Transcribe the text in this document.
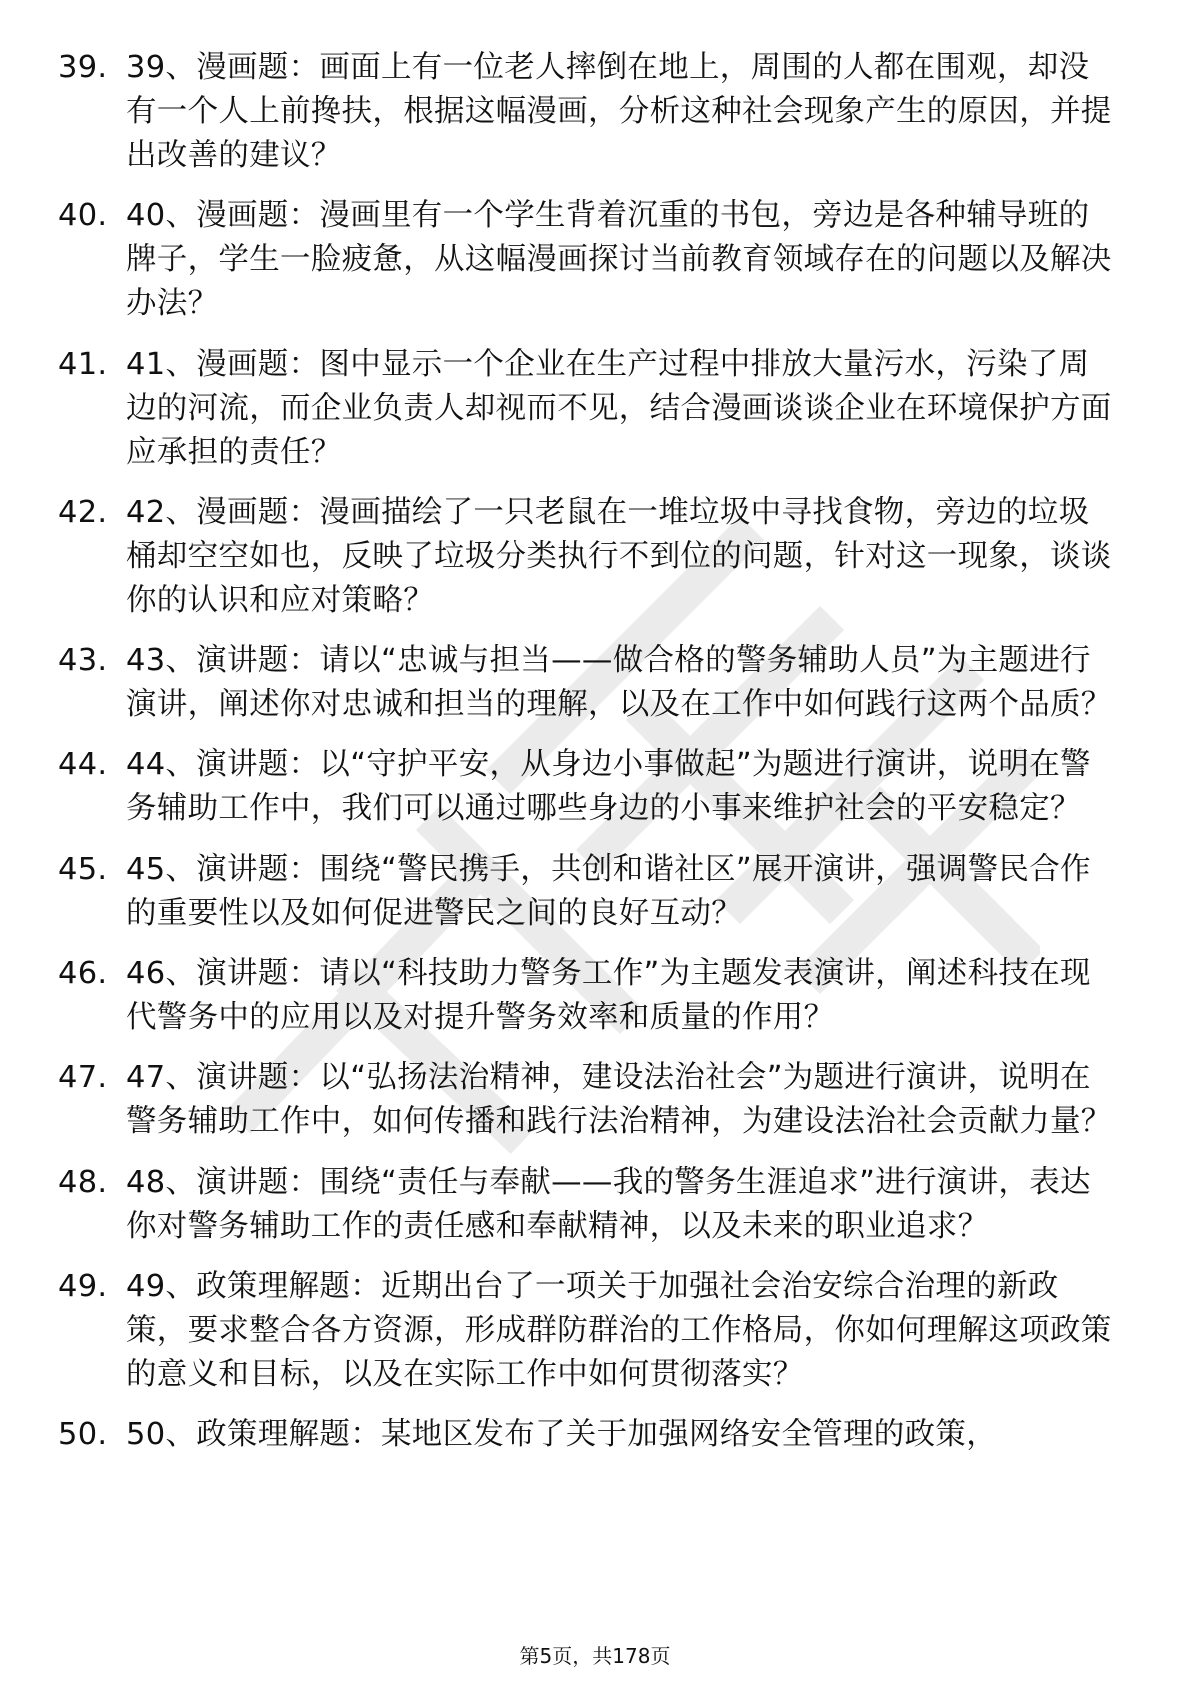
39. 39、漫画题：画面上有一位老人摔倒在地上，周围的人都在围观，却没有一个人上前搀扶，根据这幅漫画，分析这种社会现象产生的原因，并提出改善的建议？
40. 40、漫画题：漫画里有一个学生背着沉重的书包，旁边是各种辅导班的牌子，学生一脸疲惫，从这幅漫画探讨当前教育领域存在的问题以及解决办法？
41. 41、漫画题：图中显示一个企业在生产过程中排放大量污水，污染了周边的河流，而企业负责人却视而不见，结合漫画谈谈企业在环境保护方面应承担的责任？
42. 42、漫画题：漫画描绘了一只老鼠在一堆垃圾中寻找食物，旁边的垃圾桶却空空如也，反映了垃圾分类执行不到位的问题，针对这一现象，谈谈你的认识和应对策略？
43. 43、演讲题：请以“忠诚与担当——做合格的警务辅助人员”为主题进行演讲，阐述你对忠诚和担当的理解，以及在工作中如何践行这两个品质？
44. 44、演讲题：以“守护平安，从身边小事做起”为题进行演讲，说明在警务辅助工作中，我们可以通过哪些身边的小事来维护社会的平安稳定？
45. 45、演讲题：围绕“警民携手，共创和谐社区”展开演讲，强调警民合作的重要性以及如何促进警民之间的良好互动？
46. 46、演讲题：请以“科技助力警务工作”为主题发表演讲，阐述科技在现代警务中的应用以及对提升警务效率和质量的作用？
47. 47、演讲题：以“弘扬法治精神，建设法治社会”为题进行演讲，说明在警务辅助工作中，如何传播和践行法治精神，为建设法治社会贡献力量？
48. 48、演讲题：围绕“责任与奉献——我的警务生涯追求”进行演讲，表达你对警务辅助工作的责任感和奉献精神，以及未来的职业追求？
49. 49、政策理解题：近期出台了一项关于加强社会治安综合治理的新政策，要求整合各方资源，形成群防群治的工作格局，你如何理解这项政策的意义和目标，以及在实际工作中如何贯彻落实？
50. 50、政策理解题：某地区发布了关于加强网络安全管理的政策，
第5页，共178页
